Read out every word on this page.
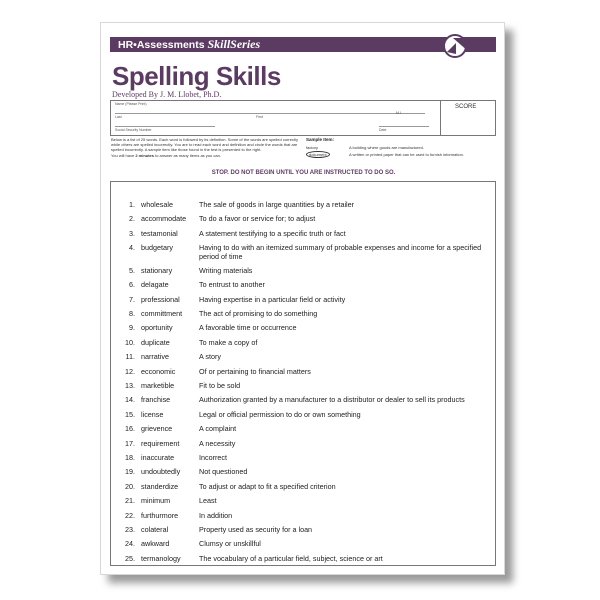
HR•Assessments SkillSeries
Spelling Skills
Developed By J. M. Llobet, Ph.D.
Name (Please Print)
Last	First
M.I.
Social Security Number	Date
SCORE
Below is a list of 25 words. Each word is followed by its definition. Some of the words are spelled correctly while others are spelled incorrectly. You are to read each word and definition and circle the words that are spelled incorrectly. A sample item like those found in the test is presented to the right.
You will have 2 minutes to answer as many items as you can.
Sample Item:
factory	A building where goods are manufactured.
dokument	A written or printed paper that can be used to furnish information.
STOP. DO NOT BEGIN UNTIL YOU ARE INSTRUCTED TO DO SO.
1. wholesale	The sale of goods in large quantities by a retailer
2. accommodate To do a favor or service for; to adjust
3. testamonial	A statement testifying to a specific truth or fact
4. budgetary	Having to do with an itemized summary of probable expenses and income for a specified period of time
5. stationary	Writing materials
6. delagate	To entrust to another
7. professional	Having expertise in a particular field or activity
8. committment The act of promising to do something
9. oportunity	A favorable time or occurrence
10. duplicate	To make a copy of
11. narrative	A story
12. ecconomic	Of or pertaining to financial matters
13. marketible	Fit to be sold
14. franchise	Authorization granted by a manufacturer to a distributor or dealer to sell its products
15. license	Legal or official permission to do or own something
16. grievence	A complaint
17. requirement	A necessity
18. inaccurate	Incorrect
19. undoubtedly	Not questioned
20. standerdize	To adjust or adapt to fit a specified criterion
21. minimum	Least
22. furthurmore	In addition
23. colateral	Property used as security for a loan
24. awkward	Clumsy or unskillful
25. termanology	The vocabulary of a particular field, subject, science or art
